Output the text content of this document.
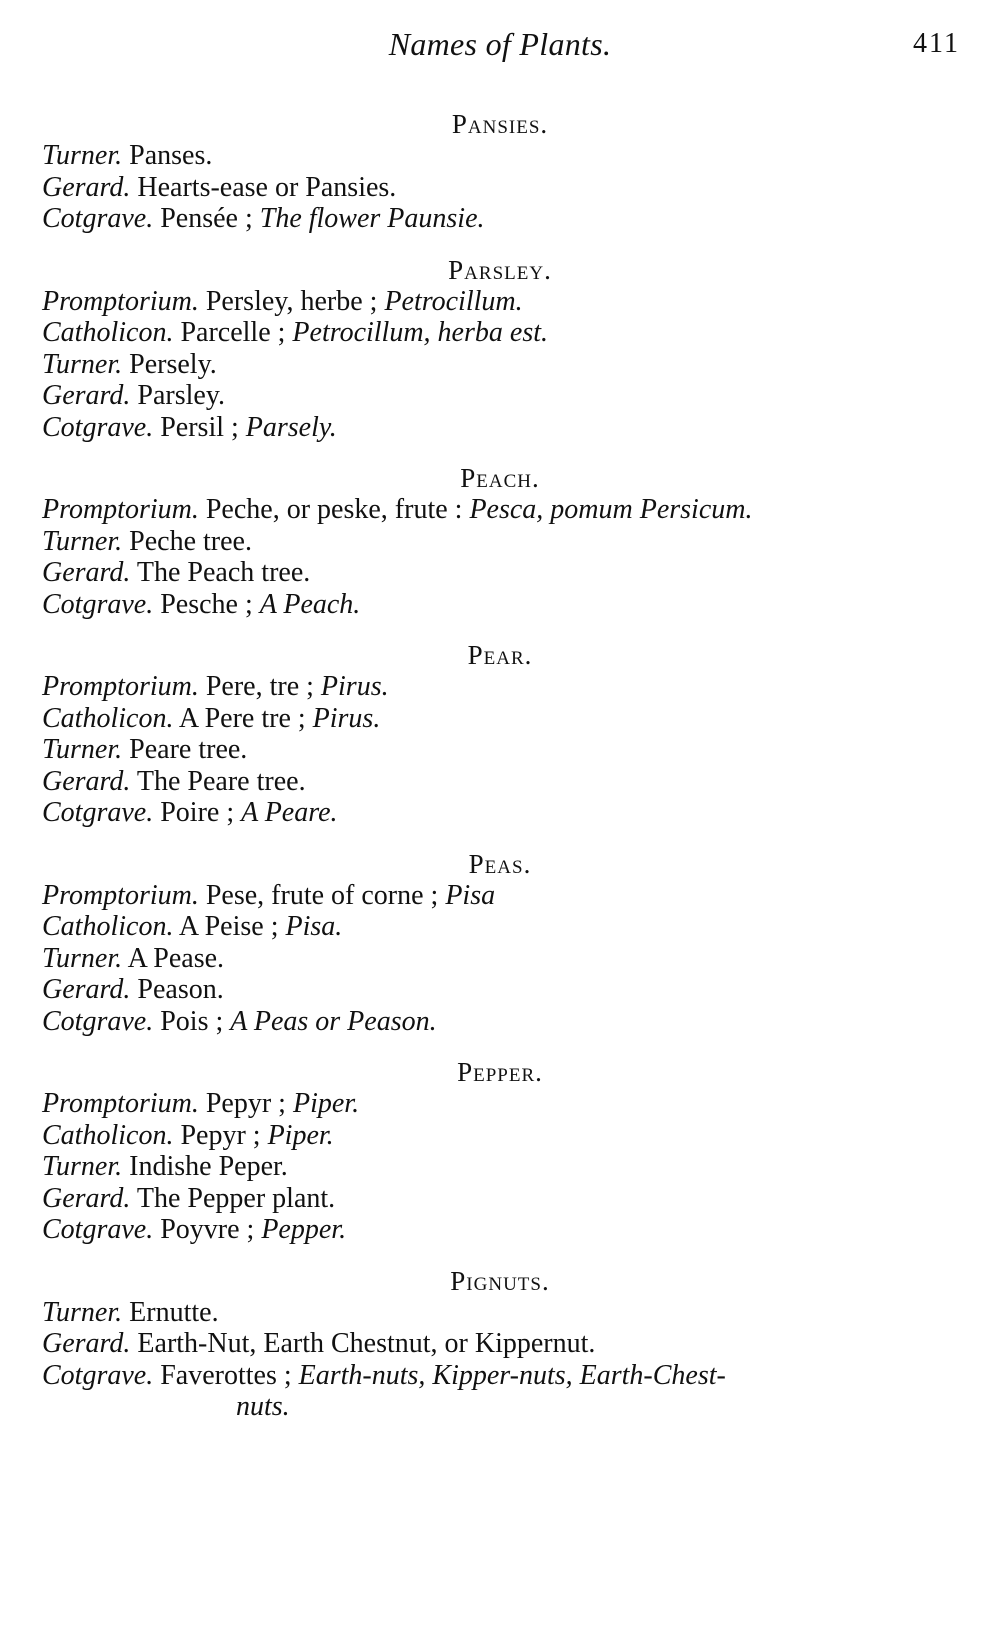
Names of Plants.	411
Pansies.
Turner. Panses.
Gerard. Hearts-ease or Pansies.
Cotgrave. Pensée ; The flower Paunsie.
Parsley.
Promptorium. Persley, herbe ; Petrocillum.
Catholicon. Parcelle ; Petrocillum, herba est.
Turner. Persely.
Gerard. Parsley.
Cotgrave. Persil ; Parsely.
Peach.
Promptorium. Peche, or peske, frute : Pesca, pomum Persicum.
Turner. Peche tree.
Gerard. The Peach tree.
Cotgrave. Pesche ; A Peach.
Pear.
Promptorium. Pere, tre ; Pirus.
Catholicon. A Pere tre ; Pirus.
Turner. Peare tree.
Gerard. The Peare tree.
Cotgrave. Poire ; A Peare.
Peas.
Promptorium. Pese, frute of corne ; Pisa
Catholicon. A Peise ; Pisa.
Turner. A Pease.
Gerard. Peason.
Cotgrave. Pois ; A Peas or Peason.
Pepper.
Promptorium. Pepyr ; Piper.
Catholicon. Pepyr ; Piper.
Turner. Indishe Peper.
Gerard. The Pepper plant.
Cotgrave. Poyvre ; Pepper.
Pignuts.
Turner. Ernutte.
Gerard. Earth-Nut, Earth Chestnut, or Kippernut.
Cotgrave. Faverottes ; Earth-nuts, Kipper-nuts, Earth-Chest-
nuts.
